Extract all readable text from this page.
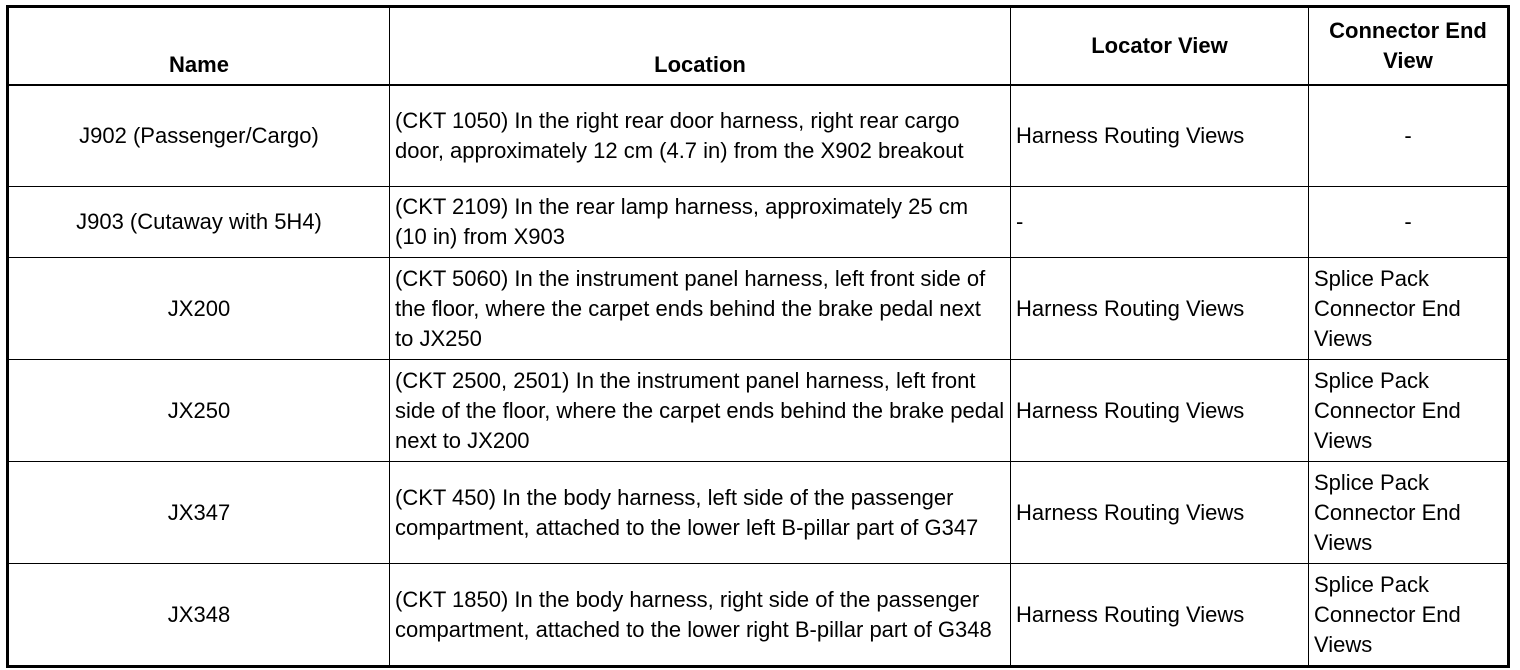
Name	Location	Locator View	Connector End View
J902 (Passenger/Cargo)	(CKT 1050) In the right rear door harness, right rear cargo door, approximately 12 cm (4.7 in) from the X902 breakout	Harness Routing Views	-
J903 (Cutaway with 5H4)	(CKT 2109) In the rear lamp harness, approximately 25 cm (10 in) from X903	-	-
JX200	(CKT 5060) In the instrument panel harness, left front side of the floor, where the carpet ends behind the brake pedal next to JX250	Harness Routing Views	Splice Pack Connector End Views
JX250	(CKT 2500, 2501) In the instrument panel harness, left front side of the floor, where the carpet ends behind the brake pedal next to JX200	Harness Routing Views	Splice Pack Connector End Views
JX347	(CKT 450) In the body harness, left side of the passenger compartment, attached to the lower left B-pillar part of G347	Harness Routing Views	Splice Pack Connector End Views
JX348	(CKT 1850) In the body harness, right side of the passenger compartment, attached to the lower right B-pillar part of G348	Harness Routing Views	Splice Pack Connector End Views
